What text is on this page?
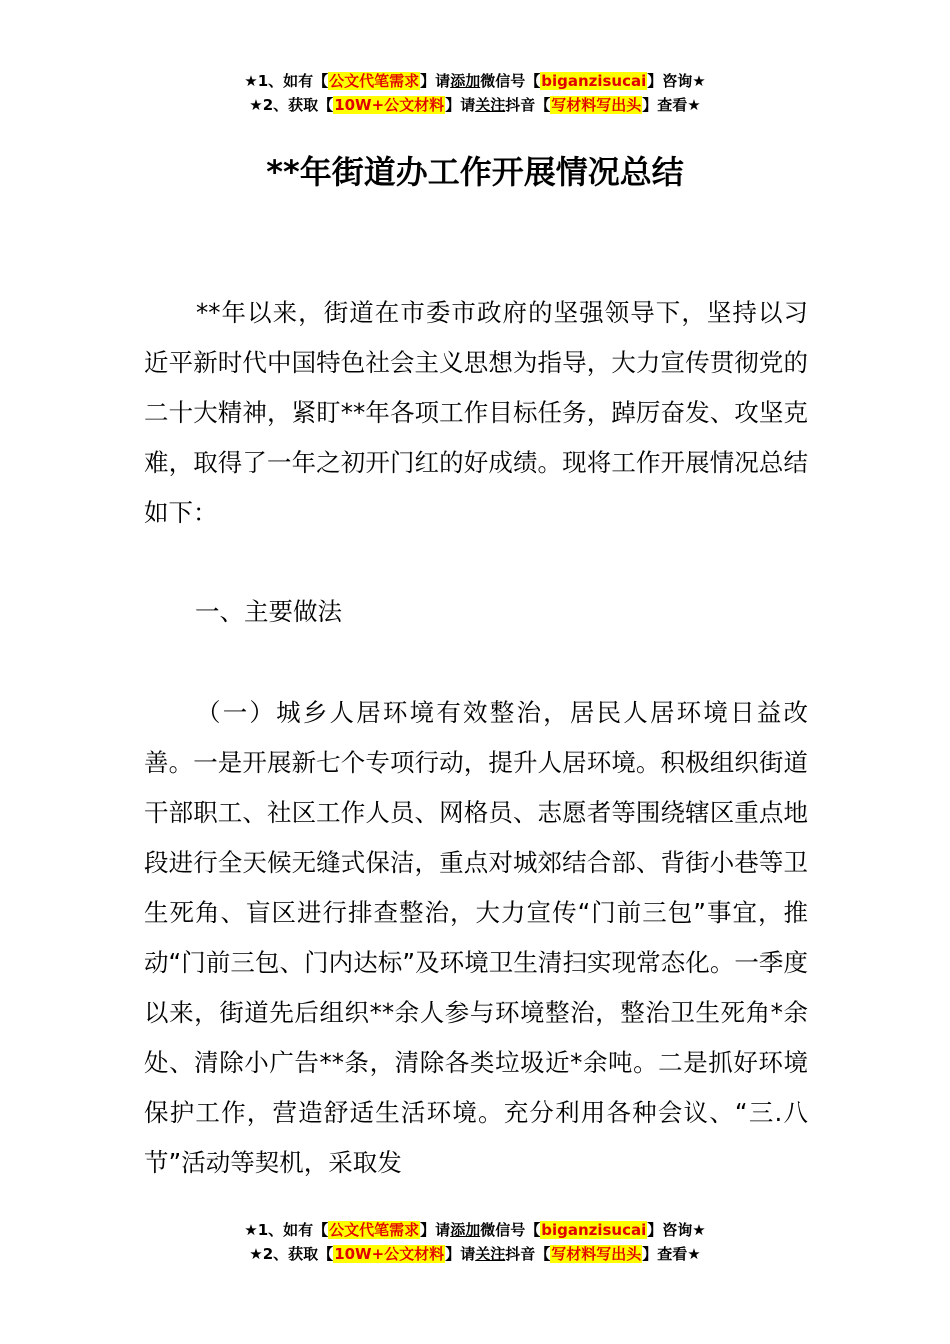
★1、如有【公文代笔需求】请添加微信号【biganzisucai】咨询★
★2、获取【10W+公文材料】请关注抖音【写材料写出头】查看★
**年街道办工作开展情况总结

**年以来，街道在市委市政府的坚强领导下，坚持以习近平新时代中国特色社会主义思想为指导，大力宣传贯彻党的二十大精神，紧盯**年各项工作目标任务，踔厉奋发、攻坚克难，取得了一年之初开门红的好成绩。现将工作开展情况总结如下：

一、主要做法

（一）城乡人居环境有效整治，居民人居环境日益改善。一是开展新七个专项行动，提升人居环境。积极组织街道干部职工、社区工作人员、网格员、志愿者等围绕辖区重点地段进行全天候无缝式保洁，重点对城郊结合部、背街小巷等卫生死角、盲区进行排查整治，大力宣传“门前三包”事宜，推动“门前三包、门内达标”及环境卫生清扫实现常态化。一季度以来，街道先后组织**余人参与环境整治，整治卫生死角*余处、清除小广告**条，清除各类垃圾近*余吨。二是抓好环境保护工作，营造舒适生活环境。充分利用各种会议、“三.八节”活动等契机，采取发

★1、如有【公文代笔需求】请添加微信号【biganzisucai】咨询★
★2、获取【10W+公文材料】请关注抖音【写材料写出头】查看★
